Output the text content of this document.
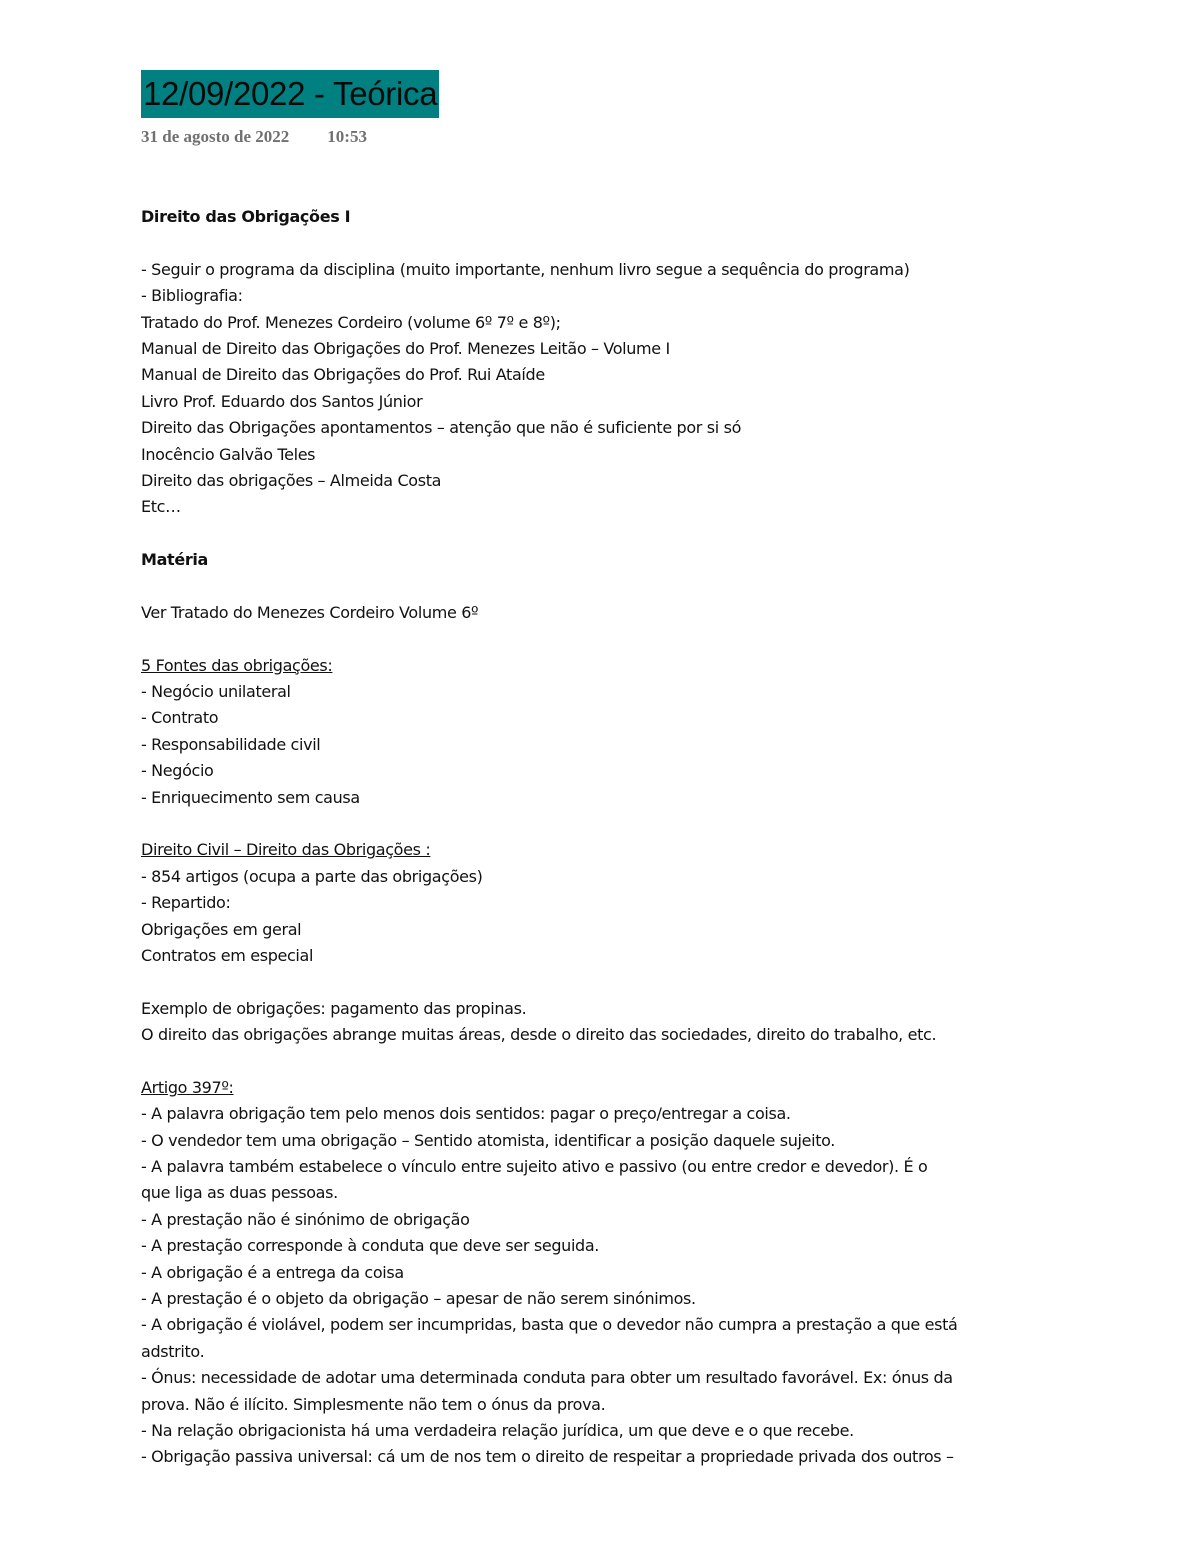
12/09/2022 - Teórica
31 de agosto de 2022 10:53
Direito das Obrigações I
- Seguir o programa da disciplina (muito importante, nenhum livro segue a sequência do programa)
- Bibliografia:
Tratado do Prof. Menezes Cordeiro (volume 6º 7º e 8º);
Manual de Direito das Obrigações do Prof. Menezes Leitão – Volume I
Manual de Direito das Obrigações do Prof. Rui Ataíde
Livro Prof. Eduardo dos Santos Júnior
Direito das Obrigações apontamentos – atenção que não é suficiente por si só
Inocêncio Galvão Teles
Direito das obrigações – Almeida Costa
Etc…
Matéria
Ver Tratado do Menezes Cordeiro Volume 6º
5 Fontes das obrigações:
- Negócio unilateral
- Contrato
- Responsabilidade civil
- Negócio
- Enriquecimento sem causa
Direito Civil – Direito das Obrigações :
- 854 artigos (ocupa a parte das obrigações)
- Repartido:
Obrigações em geral
Contratos em especial
Exemplo de obrigações: pagamento das propinas.
O direito das obrigações abrange muitas áreas, desde o direito das sociedades, direito do trabalho, etc.
Artigo 397º:
- A palavra obrigação tem pelo menos dois sentidos: pagar o preço/entregar a coisa.
- O vendedor tem uma obrigação – Sentido atomista, identificar a posição daquele sujeito.
- A palavra também estabelece o vínculo entre sujeito ativo e passivo (ou entre credor e devedor). É o
que liga as duas pessoas.
- A prestação não é sinónimo de obrigação
- A prestação corresponde à conduta que deve ser seguida.
- A obrigação é a entrega da coisa
- A prestação é o objeto da obrigação – apesar de não serem sinónimos.
- A obrigação é violável, podem ser incumpridas, basta que o devedor não cumpra a prestação a que está
adstrito.
- Ónus: necessidade de adotar uma determinada conduta para obter um resultado favorável. Ex: ónus da
prova. Não é ilícito. Simplesmente não tem o ónus da prova.
- Na relação obrigacionista há uma verdadeira relação jurídica, um que deve e o que recebe.
- Obrigação passiva universal: cá um de nos tem o direito de respeitar a propriedade privada dos outros –
